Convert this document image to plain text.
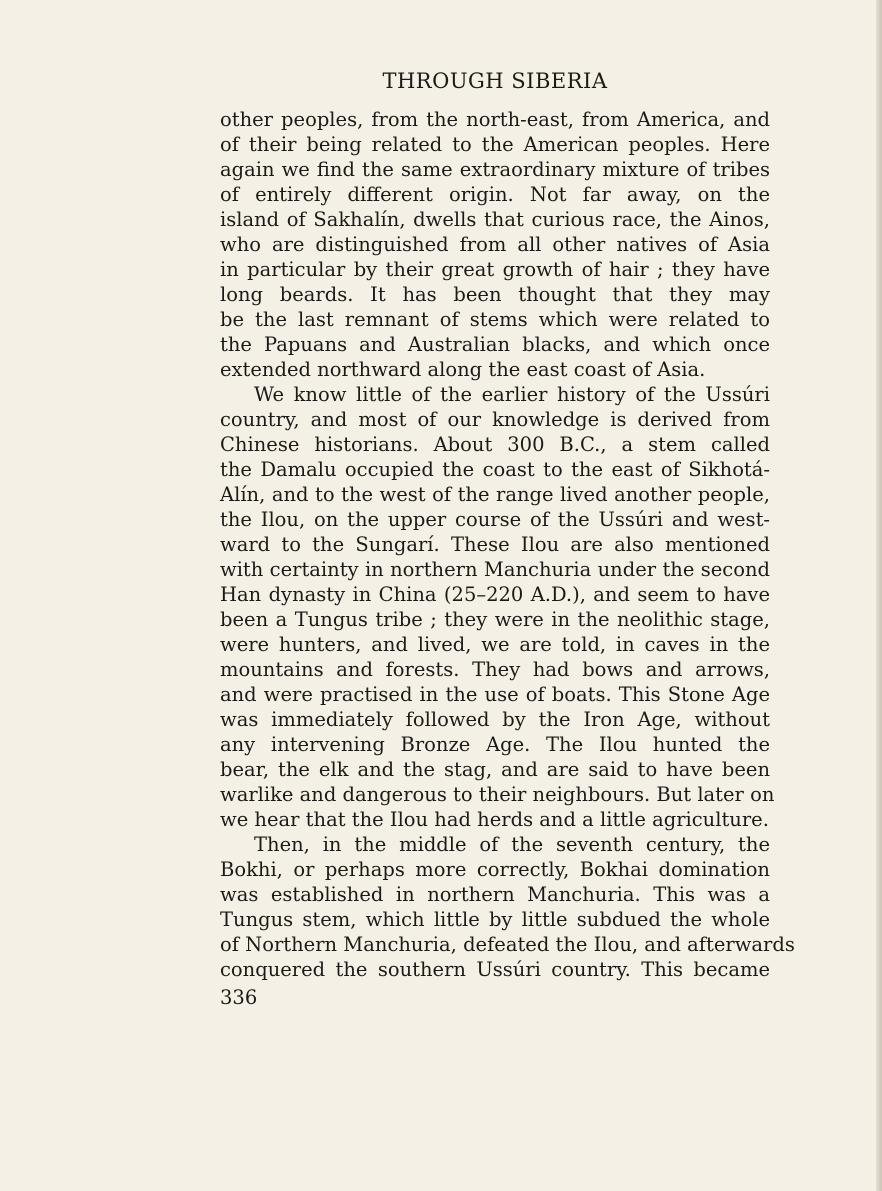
THROUGH SIBERIA
other peoples, from the north-east, from America, and
of their being related to the American peoples. Here
again we find the same extraordinary mixture of tribes
of entirely different origin. Not far away, on the
island of Sakhalín, dwells that curious race, the Ainos,
who are distinguished from all other natives of Asia
in particular by their great growth of hair ; they have
long beards. It has been thought that they may
be the last remnant of stems which were related to
the Papuans and Australian blacks, and which once
extended northward along the east coast of Asia.
We know little of the earlier history of the Ussúri
country, and most of our knowledge is derived from
Chinese historians. About 300 B.C., a stem called
the Damalu occupied the coast to the east of Sikhotá-
Alín, and to the west of the range lived another people,
the Ilou, on the upper course of the Ussúri and west-
ward to the Sungarí. These Ilou are also mentioned
with certainty in northern Manchuria under the second
Han dynasty in China (25–220 A.D.), and seem to have
been a Tungus tribe ; they were in the neolithic stage,
were hunters, and lived, we are told, in caves in the
mountains and forests. They had bows and arrows,
and were practised in the use of boats. This Stone Age
was immediately followed by the Iron Age, without
any intervening Bronze Age. The Ilou hunted the
bear, the elk and the stag, and are said to have been
warlike and dangerous to their neighbours. But later on
we hear that the Ilou had herds and a little agriculture.
Then, in the middle of the seventh century, the
Bokhi, or perhaps more correctly, Bokhai domination
was established in northern Manchuria. This was a
Tungus stem, which little by little subdued the whole
of Northern Manchuria, defeated the Ilou, and afterwards
conquered the southern Ussúri country. This became
336
